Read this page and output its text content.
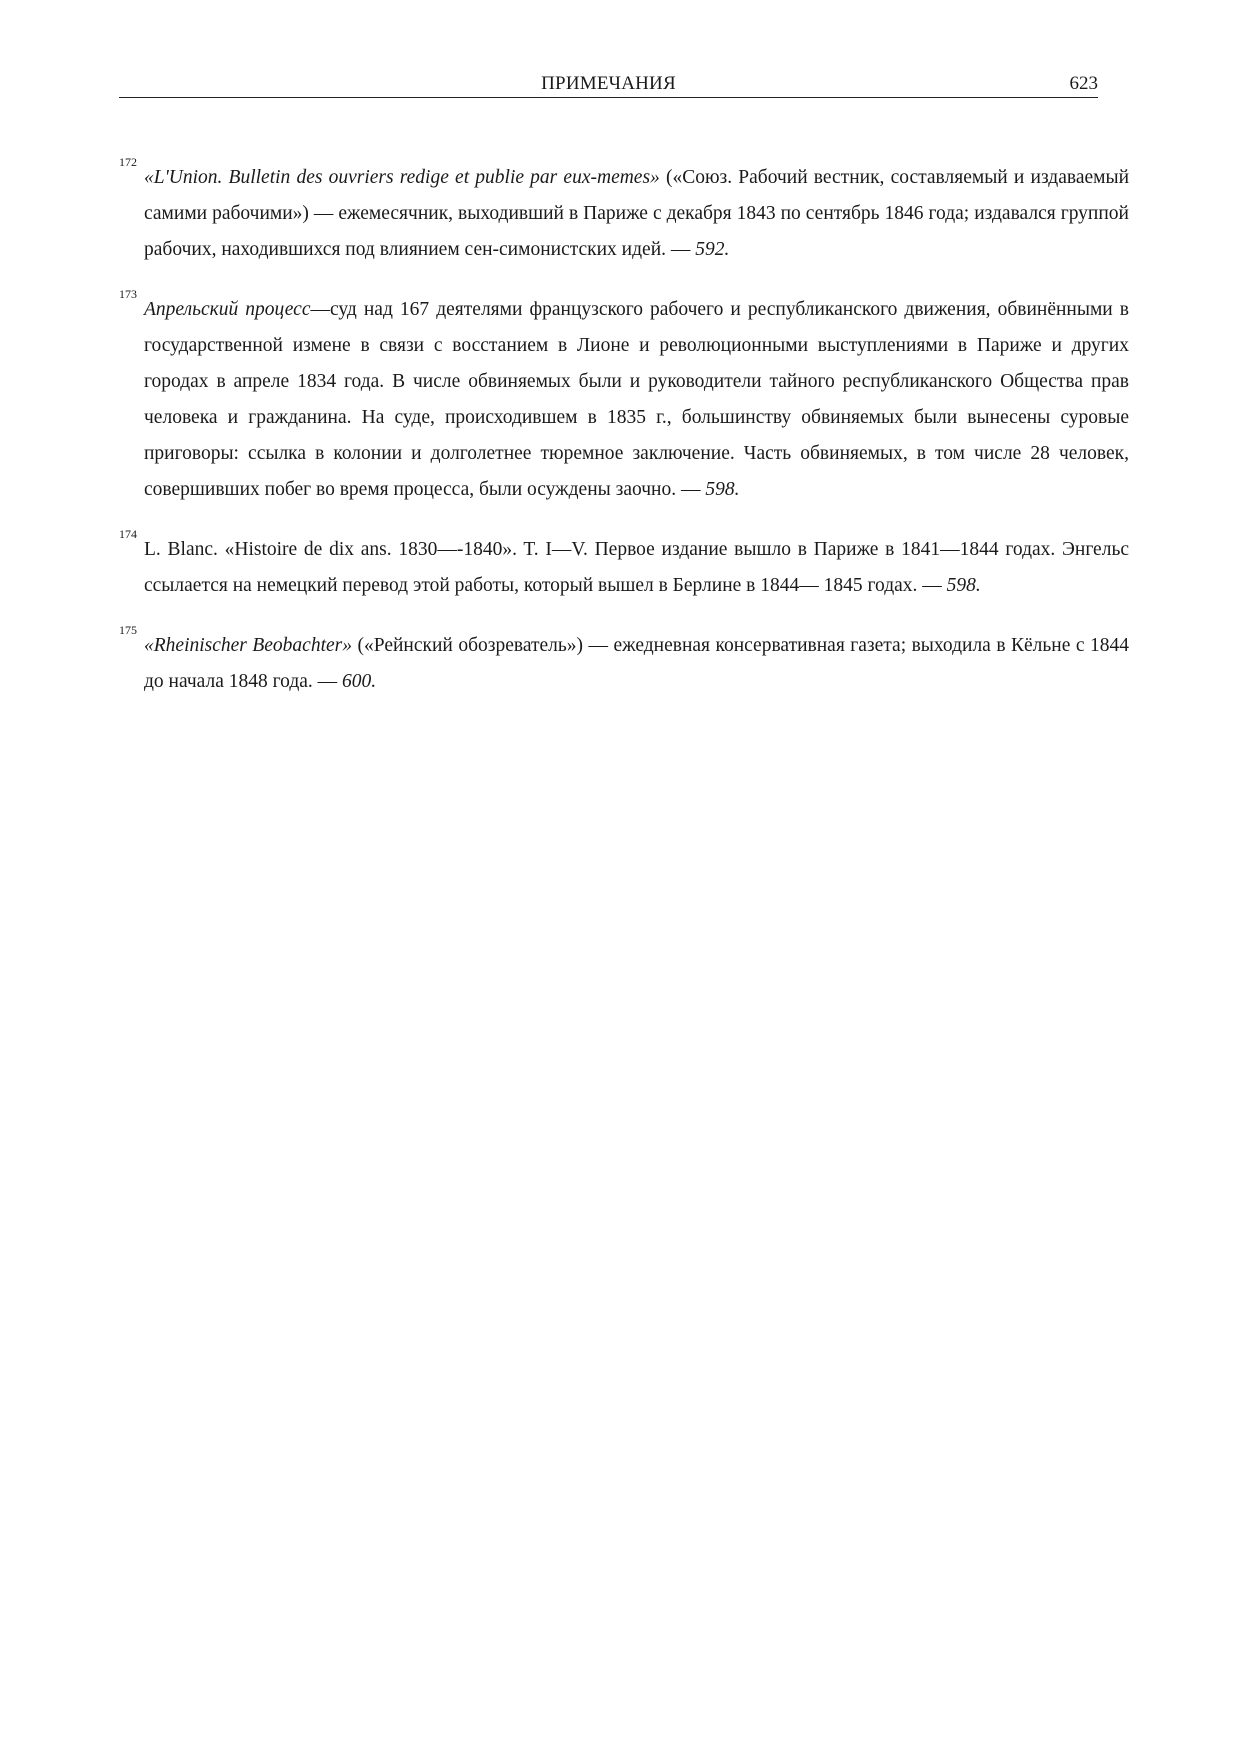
ПРИМЕЧАНИЯ	623
172
«L'Union. Bulletin des ouvriers redige et publie par eux-memes» («Союз. Рабочий вестник, составляемый и издаваемый самими рабочими») — ежемесячник, выходивший в Париже с декабря 1843 по сентябрь 1846 года; издавался группой рабочих, находившихся под влиянием сен-симонистских идей. — 592.
173
Апрельский процесс—суд над 167 деятелями французского рабочего и республиканского движения, обвинёнными в государственной измене в связи с восстанием в Лионе и революционными выступлениями в Париже и других городах в апреле 1834 года. В числе обвиняемых были и руководители тайного республиканского Общества прав человека и гражданина. На суде, происходившем в 1835 г., большинству обвиняемых были вынесены суровые приговоры: ссылка в колонии и долголетнее тюремное заключение. Часть обвиняемых, в том числе 28 человек, совершивших побег во время процесса, были осуждены заочно. — 598.
174
L. Blanc. «Histoire de dix ans. 1830—-1840». T. I—V. Первое издание вышло в Париже в 1841—1844 годах. Энгельс ссылается на немецкий перевод этой работы, который вышел в Берлине в 1844— 1845 годах. — 598.
175
«Rheinischer Beobachter» («Рейнский обозреватель») — ежедневная консервативная газета; выходила в Кёльне с 1844 до начала 1848 года. — 600.
